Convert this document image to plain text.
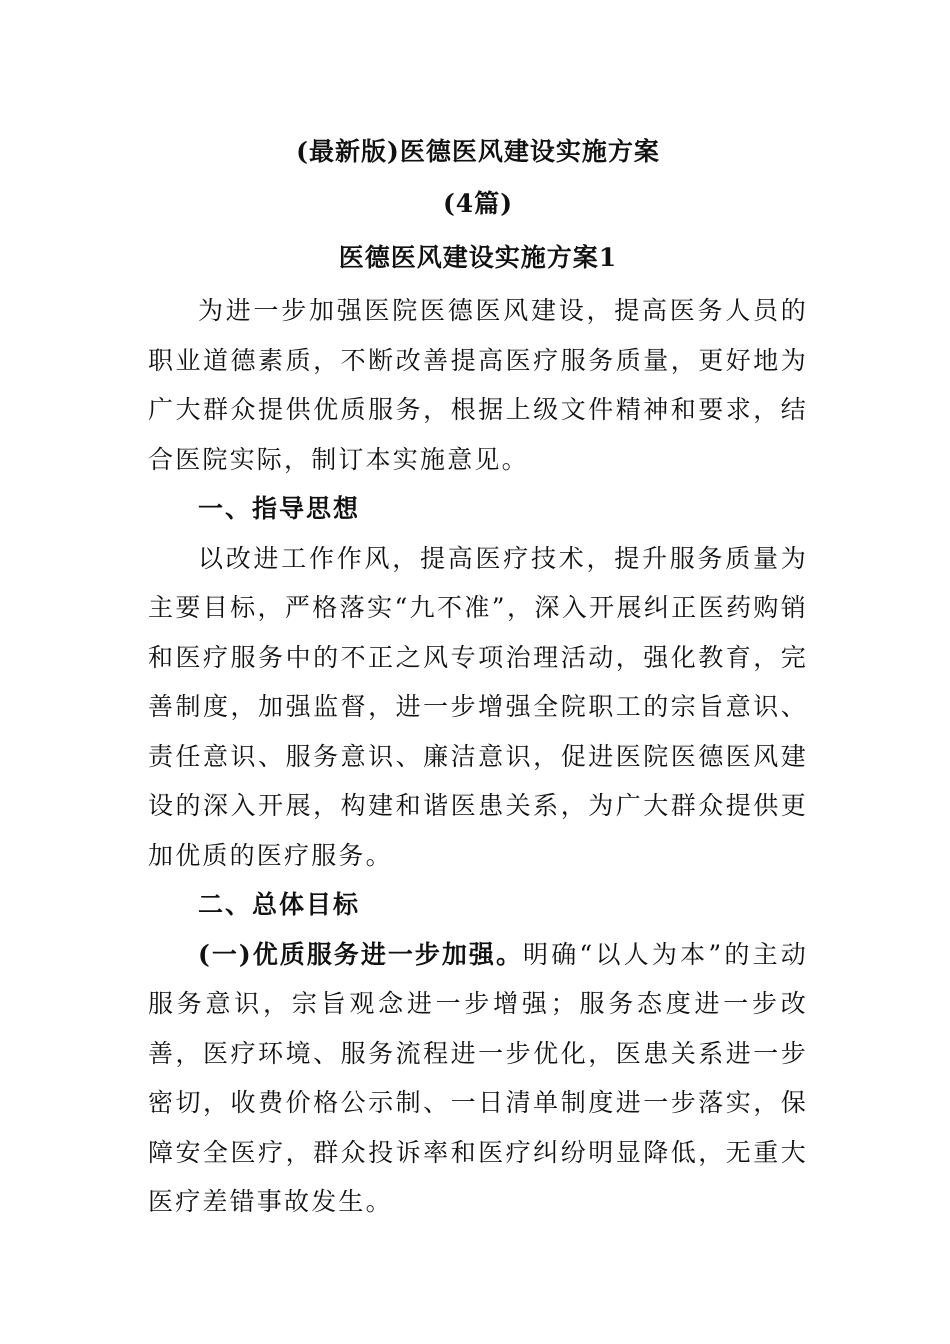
(最新版)医德医风建设实施方案
(4篇)
医德医风建设实施方案1

为进一步加强医院医德医风建设，提高医务人员的职业道德素质，不断改善提高医疗服务质量，更好地为广大群众提供优质服务，根据上级文件精神和要求，结合医院实际，制订本实施意见。

一、指导思想

以改进工作作风，提高医疗技术，提升服务质量为主要目标，严格落实“九不准”，深入开展纠正医药购销和医疗服务中的不正之风专项治理活动，强化教育，完善制度，加强监督，进一步增强全院职工的宗旨意识、责任意识、服务意识、廉洁意识，促进医院医德医风建设的深入开展，构建和谐医患关系，为广大群众提供更加优质的医疗服务。

二、总体目标

(一)优质服务进一步加强。明确“以人为本”的主动服务意识，宗旨观念进一步增强；服务态度进一步改善，医疗环境、服务流程进一步优化，医患关系进一步密切，收费价格公示制、一日清单制度进一步落实，保障安全医疗，群众投诉率和医疗纠纷明显降低，无重大医疗差错事故发生。
